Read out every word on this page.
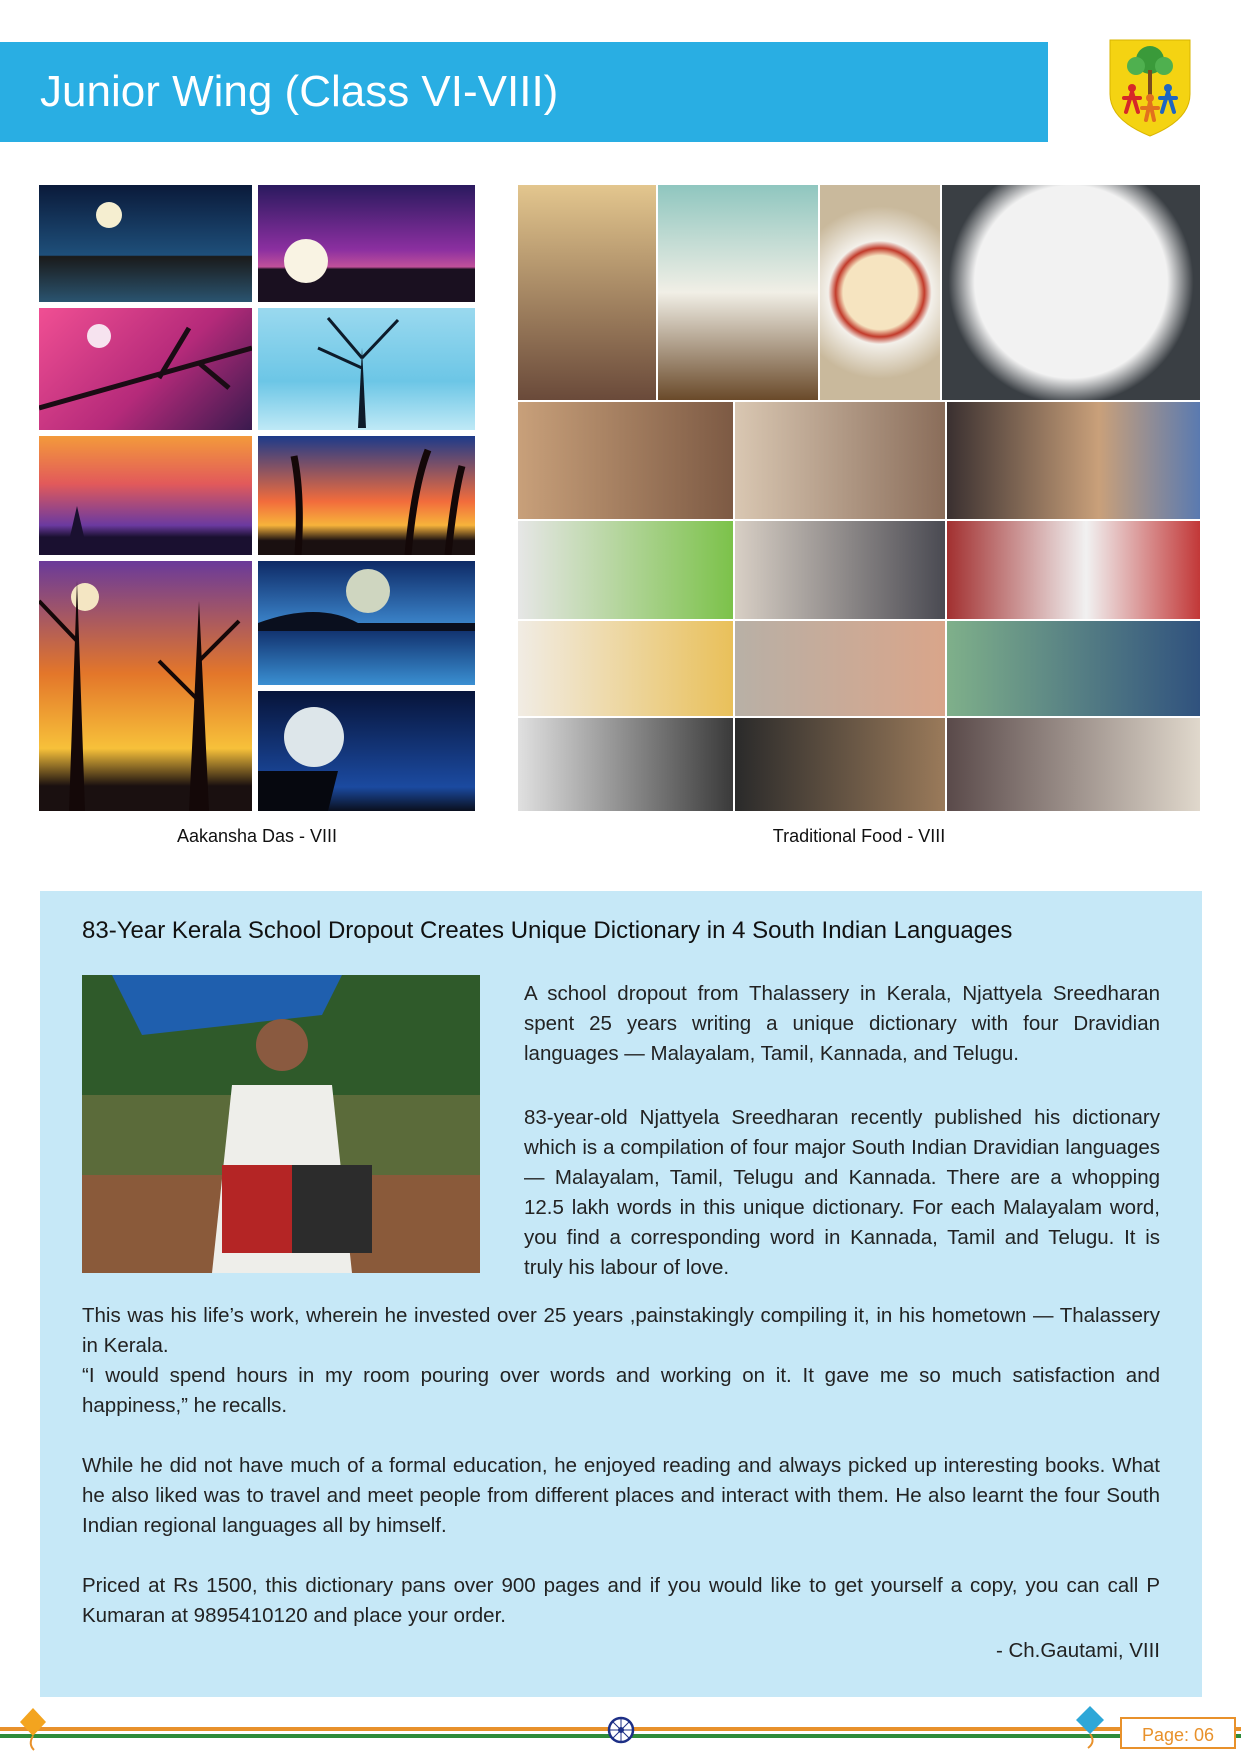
Junior Wing (Class VI-VIII)
Aakansha Das - VIII	Traditional Food - VIII
83-Year Kerala School Dropout Creates Unique Dictionary in 4 South Indian Languages

A school dropout from Thalassery in Kerala, Njattyela Sreedharan spent 25 years writing a unique dictionary with four Dravidian languages — Malayalam, Tamil, Kannada, and Telugu.

83-year-old Njattyela Sreedharan recently published his dictionary which is a compilation of four major South Indian Dravidian languages — Malayalam, Tamil, Telugu and Kannada. There are a whopping 12.5 lakh words in this unique dictionary. For each Malayalam word, you find a corresponding word in Kannada, Tamil and Telugu. It is truly his labour of love.

This was his life’s work, wherein he invested over 25 years ,painstakingly compiling it, in his hometown — Thalassery in Kerala.

“I would spend hours in my room pouring over words and working on it. It gave me so much satisfaction and happiness,” he recalls.

While he did not have much of a formal education, he enjoyed reading and always picked up interesting books. What he also liked was to travel and meet people from different places and interact with them. He also learnt the four South Indian regional languages all by himself.

Priced at Rs 1500, this dictionary pans over 900 pages and if you would like to get yourself a copy, you can call P Kumaran at 9895410120 and place your order.

- Ch.Gautami, VIII
Page: 06
